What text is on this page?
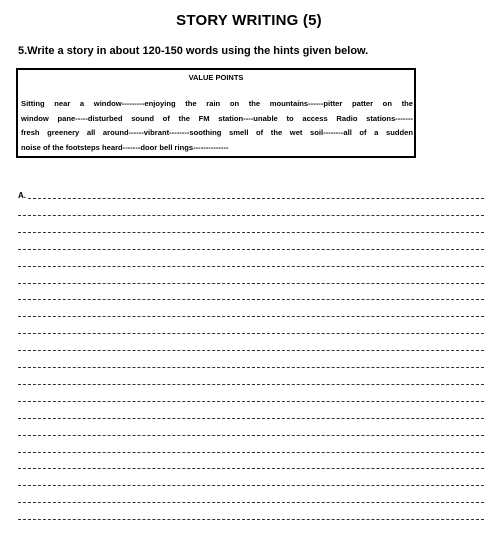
STORY WRITING (5)
5.Write a story in about 120-150 words using the hints given below.
VALUE POINTS
Sitting near a window---------enjoying the rain on the mountains------pitter patter on the
window pane-----disturbed sound of the FM station----unable to access Radio stations-------
fresh greenery all around------vibrant--------soothing smell of the wet soil--------all of a sudden
noise of the footsteps heard-------door bell rings--------------
A.
